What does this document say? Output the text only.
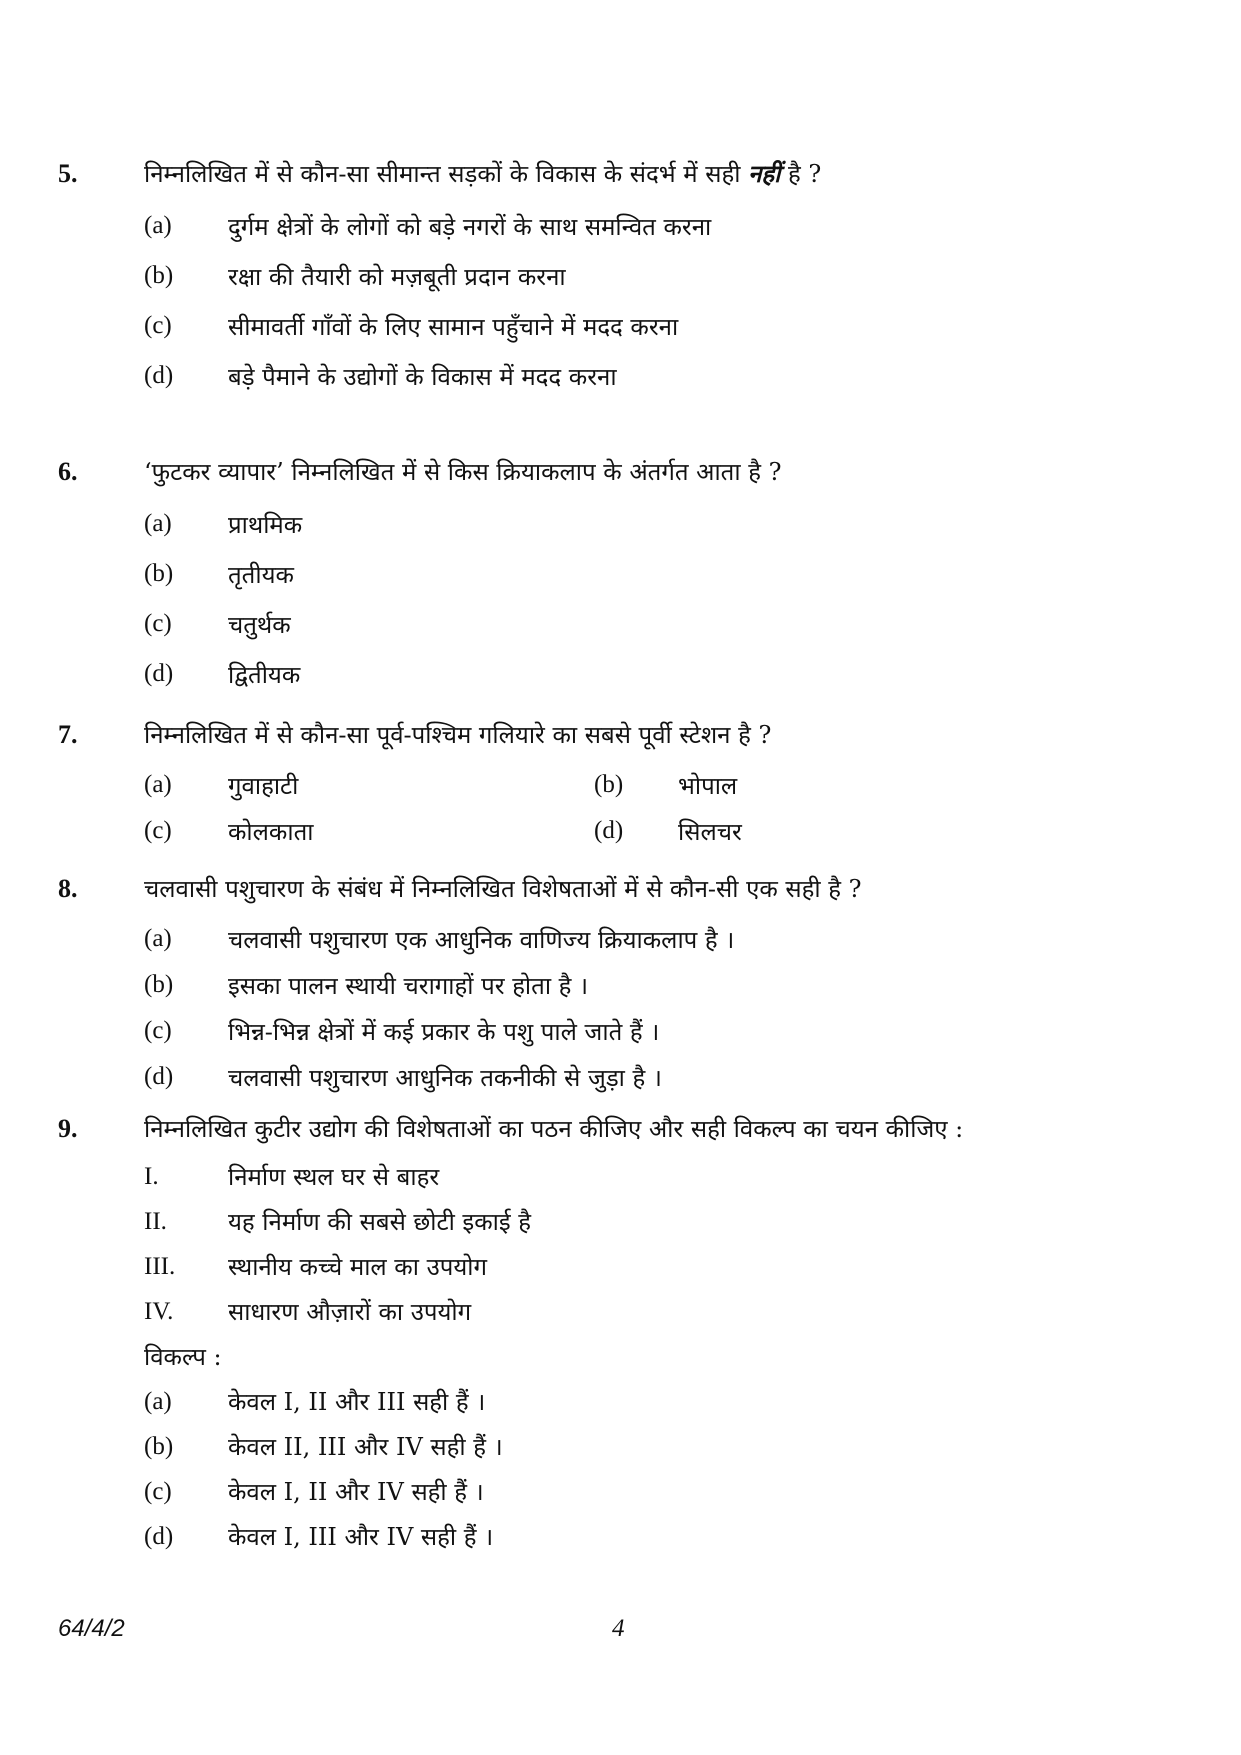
5.	निम्नलिखित में से कौन-सा सीमान्त सड़कों के विकास के संदर्भ में सही नहीं है ?
(a)	दुर्गम क्षेत्रों के लोगों को बड़े नगरों के साथ समन्वित करना
(b)	रक्षा की तैयारी को मज़बूती प्रदान करना
(c)	सीमावर्ती गाँवों के लिए सामान पहुँचाने में मदद करना
(d)	बड़े पैमाने के उद्योगों के विकास में मदद करना
6.	‘फुटकर व्यापार’ निम्नलिखित में से किस क्रियाकलाप के अंतर्गत आता है ?
(a)	प्राथमिक
(b)	तृतीयक
(c)	चतुर्थक
(d)	द्वितीयक
7.	निम्नलिखित में से कौन-सा पूर्व-पश्चिम गलियारे का सबसे पूर्वी स्टेशन है ?
(a)	गुवाहाटी	(b)	भोपाल
(c)	कोलकाता	(d)	सिलचर
8.	चलवासी पशुचारण के संबंध में निम्नलिखित विशेषताओं में से कौन-सी एक सही है ?
(a)	चलवासी पशुचारण एक आधुनिक वाणिज्य क्रियाकलाप है ।
(b)	इसका पालन स्थायी चरागाहों पर होता है ।
(c)	भिन्न-भिन्न क्षेत्रों में कई प्रकार के पशु पाले जाते हैं ।
(d)	चलवासी पशुचारण आधुनिक तकनीकी से जुड़ा है ।
9.	निम्नलिखित कुटीर उद्योग की विशेषताओं का पठन कीजिए और सही विकल्प का चयन कीजिए :
I.	निर्माण स्थल घर से बाहर
II.	यह निर्माण की सबसे छोटी इकाई है
III.	स्थानीय कच्चे माल का उपयोग
IV.	साधारण औज़ारों का उपयोग
विकल्प :
(a)	केवल I, II और III सही हैं ।
(b)	केवल II, III और IV सही हैं ।
(c)	केवल I, II और IV सही हैं ।
(d)	केवल I, III और IV सही हैं ।
64/4/2	4
